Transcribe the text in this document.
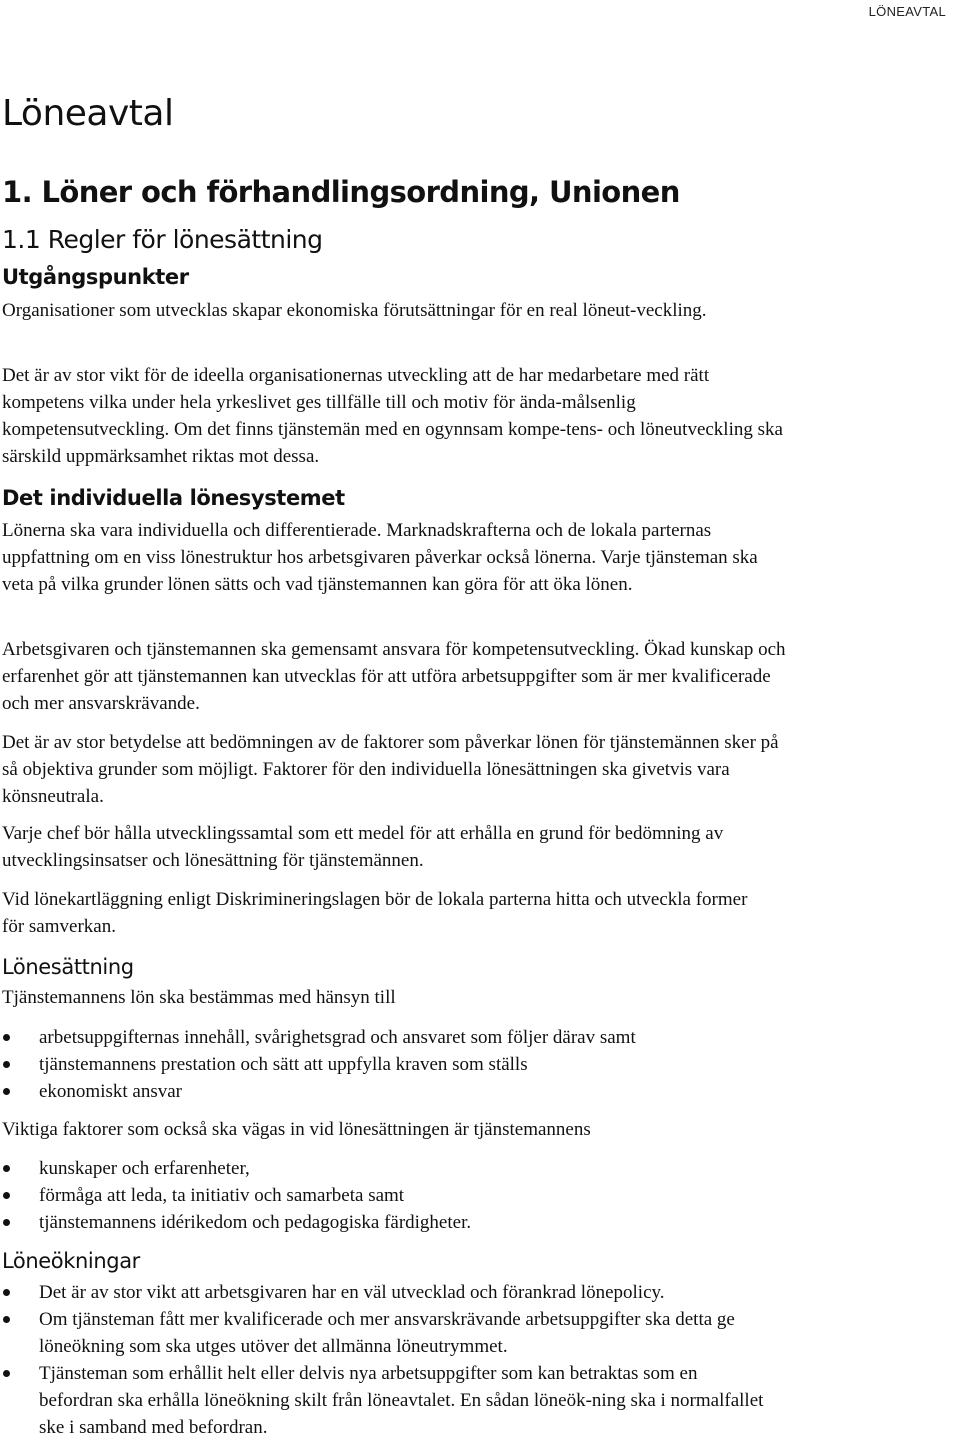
LÖNEAVTAL
Löneavtal
1. Löner och förhandlingsordning, Unionen
1.1 Regler för lönesättning
Utgångspunkter

Organisationer som utvecklas skapar ekonomiska förutsättningar för en real löneut-veckling.

Det är av stor vikt för de ideella organisationernas utveckling att de har medarbetare med rätt kompetens vilka under hela yrkeslivet ges tillfälle till och motiv för ända-målsenlig kompetensutveckling. Om det finns tjänstemän med en ogynnsam kompe-tens- och löneutveckling ska särskild uppmärksamhet riktas mot dessa.

Det individuella lönesystemet

Lönerna ska vara individuella och differentierade. Marknadskrafterna och de lokala parternas uppfattning om en viss lönestruktur hos arbetsgivaren påverkar också lönerna. Varje tjänsteman ska veta på vilka grunder lönen sätts och vad tjänstemannen kan göra för att öka lönen.

Arbetsgivaren och tjänstemannen ska gemensamt ansvara för kompetensutveckling. Ökad kunskap och erfarenhet gör att tjänstemannen kan utvecklas för att utföra arbetsuppgifter som är mer kvalificerade och mer ansvarskrävande.

Det är av stor betydelse att bedömningen av de faktorer som påverkar lönen för tjänstemännen sker på så objektiva grunder som möjligt. Faktorer för den individuella lönesättningen ska givetvis vara könsneutrala.

Varje chef bör hålla utvecklingssamtal som ett medel för att erhålla en grund för bedömning av utvecklingsinsatser och lönesättning för tjänstemännen.

Vid lönekartläggning enligt Diskrimineringslagen bör de lokala parterna hitta och utveckla former för samverkan.

Lönesättning

Tjänstemannens lön ska bestämmas med hänsyn till

arbetsuppgifternas innehåll, svårighetsgrad och ansvaret som följer därav samt
tjänstemannens prestation och sätt att uppfylla kraven som ställs
ekonomiskt ansvar

Viktiga faktorer som också ska vägas in vid lönesättningen är tjänstemannens

kunskaper och erfarenheter,
förmåga att leda, ta initiativ och samarbeta samt
tjänstemannens idérikedom och pedagogiska färdigheter.
Löneökningar
Det är av stor vikt att arbetsgivaren har en väl utvecklad och förankrad lönepolicy.
Om tjänsteman fått mer kvalificerade och mer ansvarskrävande arbetsuppgifter ska detta ge löneökning som ska utges utöver det allmänna löneutrymmet.
Tjänsteman som erhållit helt eller delvis nya arbetsuppgifter som kan betraktas som en befordran ska erhålla löneökning skilt från löneavtalet. En sådan löneök-ning ska i normalfallet ske i samband med befordran.
